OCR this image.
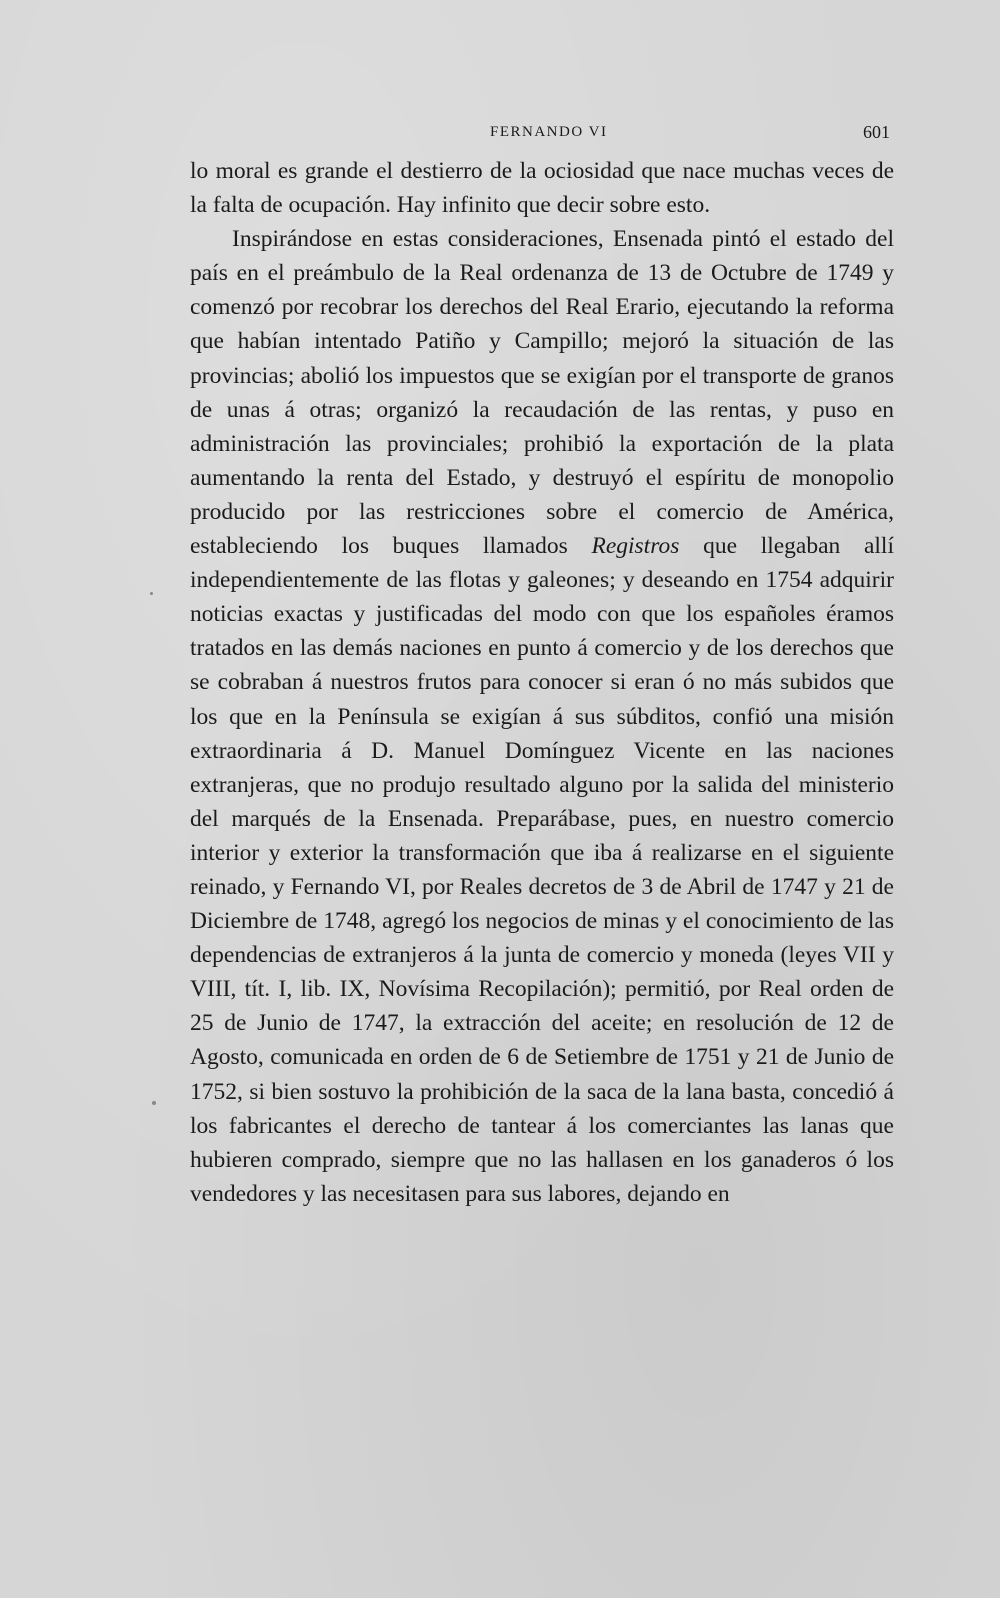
FERNANDO VI	601

lo moral es grande el destierro de la ociosidad que nace muchas veces de la falta de ocupación. Hay infinito que decir sobre esto.

Inspirándose en estas consideraciones, Ensenada pintó el estado del país en el preámbulo de la Real ordenanza de 13 de Octubre de 1749 y comenzó por recobrar los derechos del Real Erario, ejecutando la reforma que habían intentado Patiño y Campillo; mejoró la situación de las provincias; abolió los impuestos que se exigían por el transporte de granos de unas á otras; organizó la recaudación de las rentas, y puso en administración las provinciales; prohibió la exportación de la plata aumentando la renta del Estado, y destruyó el espíritu de monopolio producido por las restricciones sobre el comercio de América, estableciendo los buques llamados Registros que llegaban allí independientemente de las flotas y galeones; y deseando en 1754 adquirir noticias exactas y justificadas del modo con que los españoles éramos tratados en las demás naciones en punto á comercio y de los derechos que se cobraban á nuestros frutos para conocer si eran ó no más subidos que los que en la Península se exigían á sus súbditos, confió una misión extraordinaria á D. Manuel Domínguez Vicente en las naciones extranjeras, que no produjo resultado alguno por la salida del ministerio del marqués de la Ensenada. Preparábase, pues, en nuestro comercio interior y exterior la transformación que iba á realizarse en el siguiente reinado, y Fernando VI, por Reales decretos de 3 de Abril de 1747 y 21 de Diciembre de 1748, agregó los negocios de minas y el conocimiento de las dependencias de extranjeros á la junta de comercio y moneda (leyes VII y VIII, tít. I, lib. IX, Novísima Recopilación); permitió, por Real orden de 25 de Junio de 1747, la extracción del aceite; en resolución de 12 de Agosto, comunicada en orden de 6 de Setiembre de 1751 y 21 de Junio de 1752, si bien sostuvo la prohibición de la saca de la lana basta, concedió á los fabricantes el derecho de tantear á los comerciantes las lanas que hubieren comprado, siempre que no las hallasen en los ganaderos ó los vendedores y las necesitasen para sus labores, dejando en
